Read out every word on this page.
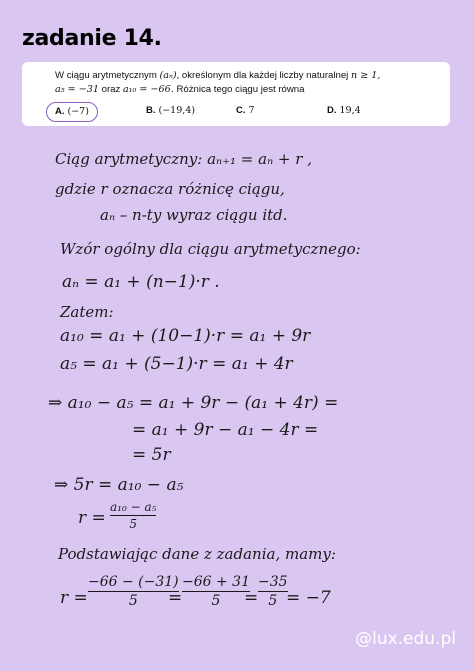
zadanie 14.
W ciągu arytmetycznym (aₙ), określonym dla każdej liczby naturalnej n ≥ 1,
a₅ = −31 oraz a₁₀ = −66. Różnica tego ciągu jest równa
A. (−7)	B. (−19,4)	C. 7	D. 19,4
Ciąg arytmetyczny: aₙ₊₁ = aₙ + r ,
gdzie r oznacza różnicę ciągu,
aₙ – n-ty wyraz ciągu itd.
Wzór ogólny dla ciągu arytmetycznego:
aₙ = a₁ + (n−1)·r .
Zatem:
a₁₀ = a₁ + (10−1)·r = a₁ + 9r
a₅ = a₁ + (5−1)·r = a₁ + 4r
⇒ a₁₀ − a₅ = a₁ + 9r − (a₁ + 4r) =
= a₁ + 9r − a₁ − 4r =
= 5r
⇒ 5r = a₁₀ − a₅
r =
a₁₀ − a₅
5
Podstawiając dane z zadania, mamy:
r =
−66 − (−31)
5	=
−66 + 31
5	=
−35
5 = −7
@lux.edu.pl
